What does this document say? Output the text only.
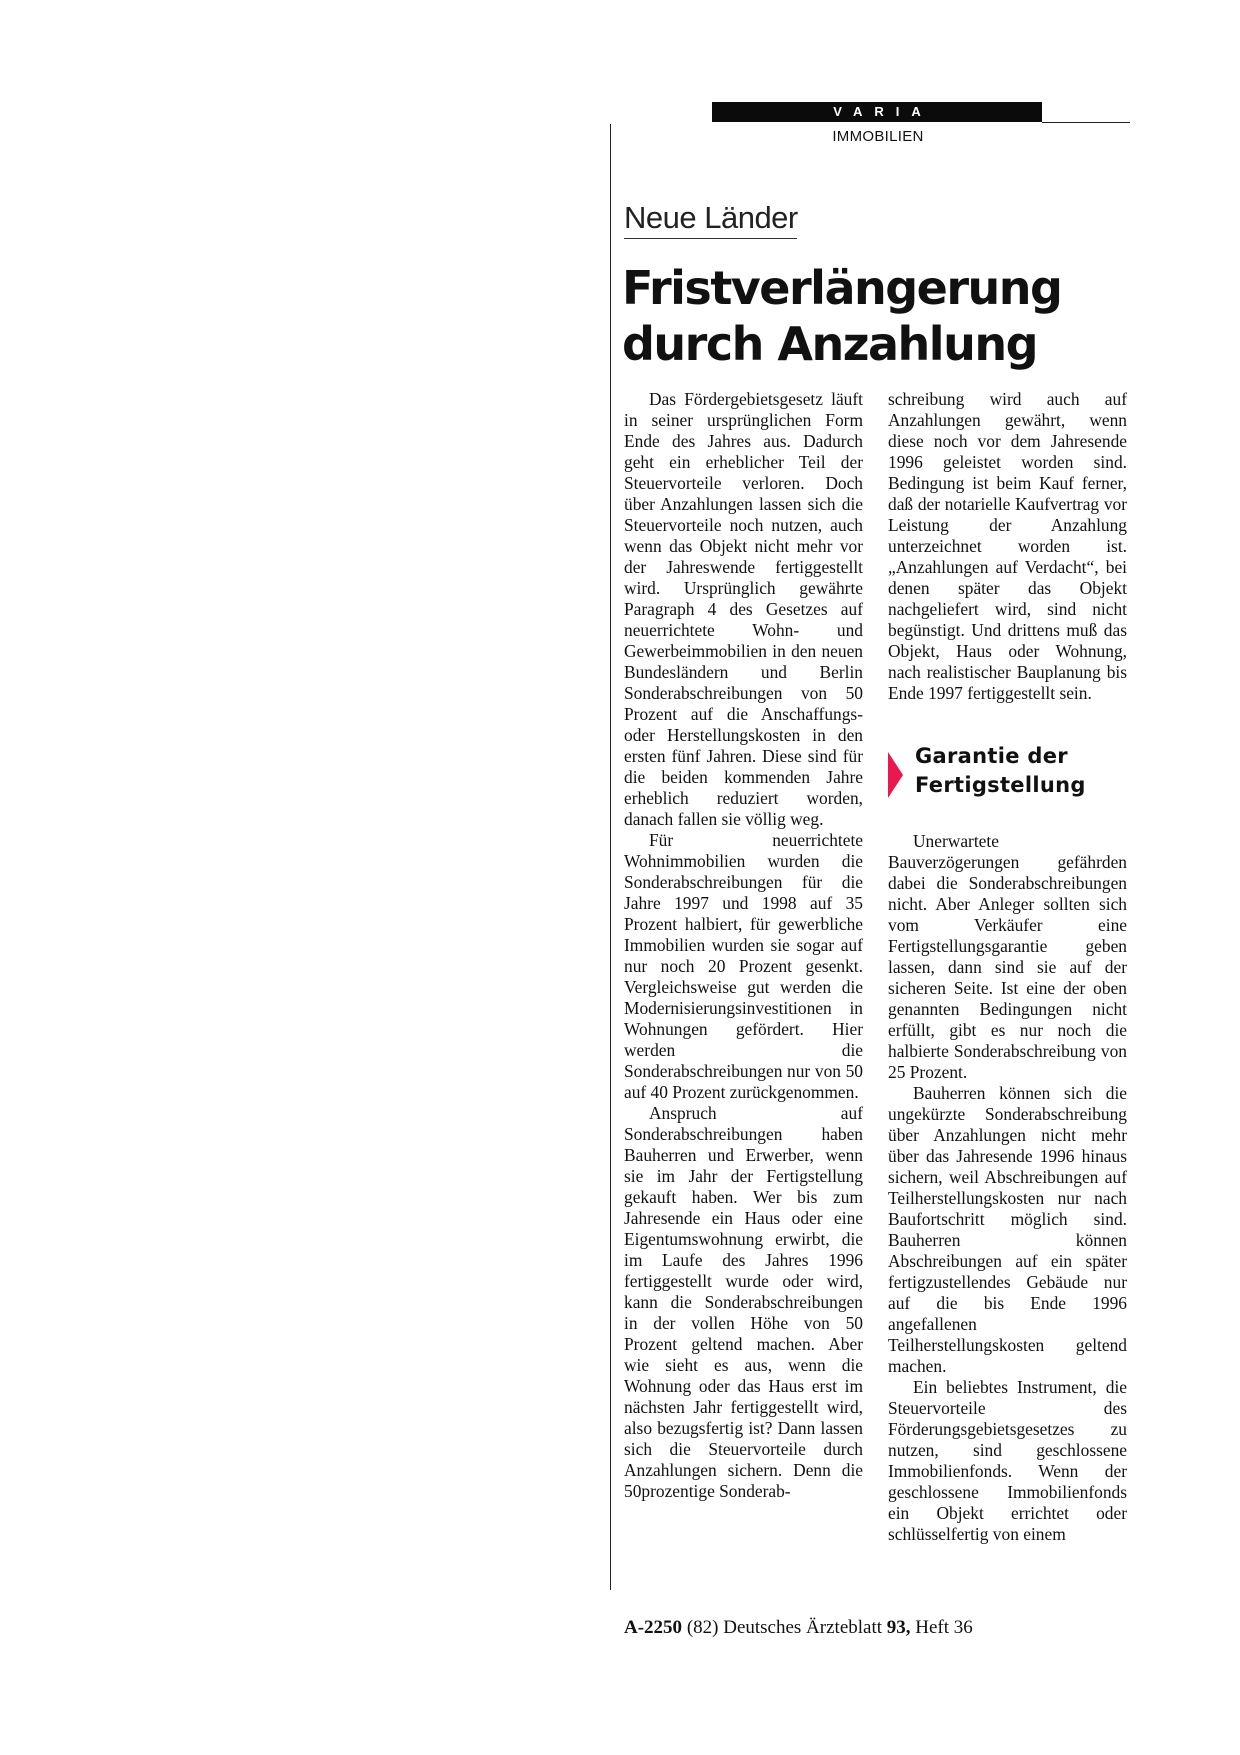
VARIA
IMMOBILIEN
Neue Länder
Fristverlängerung
durch Anzahlung

Das Fördergebietsgesetz läuft in seiner ursprünglichen Form Ende des Jahres aus. Dadurch geht ein erheblicher Teil der Steuervorteile verloren. Doch über Anzahlungen lassen sich die Steuervorteile noch nutzen, auch wenn das Objekt nicht mehr vor der Jahreswende fertiggestellt wird. Ursprünglich gewährte Paragraph 4 des Gesetzes auf neuerrichtete Wohn- und Gewerbeimmobilien in den neuen Bundesländern und Berlin Sonderabschreibungen von 50 Prozent auf die Anschaffungs- oder Herstellungskosten in den ersten fünf Jahren. Diese sind für die beiden kommenden Jahre erheblich reduziert worden, danach fallen sie völlig weg.

Für neuerrichtete Wohnimmobilien wurden die Sonderabschreibungen für die Jahre 1997 und 1998 auf 35 Prozent halbiert, für gewerbliche Immobilien wurden sie sogar auf nur noch 20 Prozent gesenkt. Vergleichsweise gut werden die Modernisierungsinvestitionen in Wohnungen gefördert. Hier werden die Sonderabschreibungen nur von 50 auf 40 Prozent zurückgenommen.

Anspruch auf Sonderabschreibungen haben Bauherren und Erwerber, wenn sie im Jahr der Fertigstellung gekauft haben. Wer bis zum Jahresende ein Haus oder eine Eigentumswohnung erwirbt, die im Laufe des Jahres 1996 fertiggestellt wurde oder wird, kann die Sonderabschreibungen in der vollen Höhe von 50 Prozent geltend machen. Aber wie sieht es aus, wenn die Wohnung oder das Haus erst im nächsten Jahr fertiggestellt wird, also bezugsfertig ist? Dann lassen sich die Steuervorteile durch Anzahlungen sichern. Denn die 50prozentige Sonderab-

schreibung wird auch auf Anzahlungen gewährt, wenn diese noch vor dem Jahresende 1996 geleistet worden sind. Bedingung ist beim Kauf ferner, daß der notarielle Kaufvertrag vor Leistung der Anzahlung unterzeichnet worden ist. „Anzahlungen auf Verdacht“, bei denen später das Objekt nachgeliefert wird, sind nicht begünstigt. Und drittens muß das Objekt, Haus oder Wohnung, nach realistischer Bauplanung bis Ende 1997 fertiggestellt sein.

Garantie der
Fertigstellung

Unerwartete Bauverzögerungen gefährden dabei die Sonderabschreibungen nicht. Aber Anleger sollten sich vom Verkäufer eine Fertigstellungsgarantie geben lassen, dann sind sie auf der sicheren Seite. Ist eine der oben genannten Bedingungen nicht erfüllt, gibt es nur noch die halbierte Sonderabschreibung von 25 Prozent.

Bauherren können sich die ungekürzte Sonderabschreibung über Anzahlungen nicht mehr über das Jahresende 1996 hinaus sichern, weil Abschreibungen auf Teilherstellungskosten nur nach Baufortschritt möglich sind. Bauherren können Abschreibungen auf ein später fertigzustellendes Gebäude nur auf die bis Ende 1996 angefallenen Teilherstellungskosten geltend machen.

Ein beliebtes Instrument, die Steuervorteile des Förderungsgebietsgesetzes zu nutzen, sind geschlossene Immobilienfonds. Wenn der geschlossene Immobilienfonds ein Objekt errichtet oder schlüsselfertig von einem

A-2250 (82) Deutsches Ärzteblatt 93, Heft 36
